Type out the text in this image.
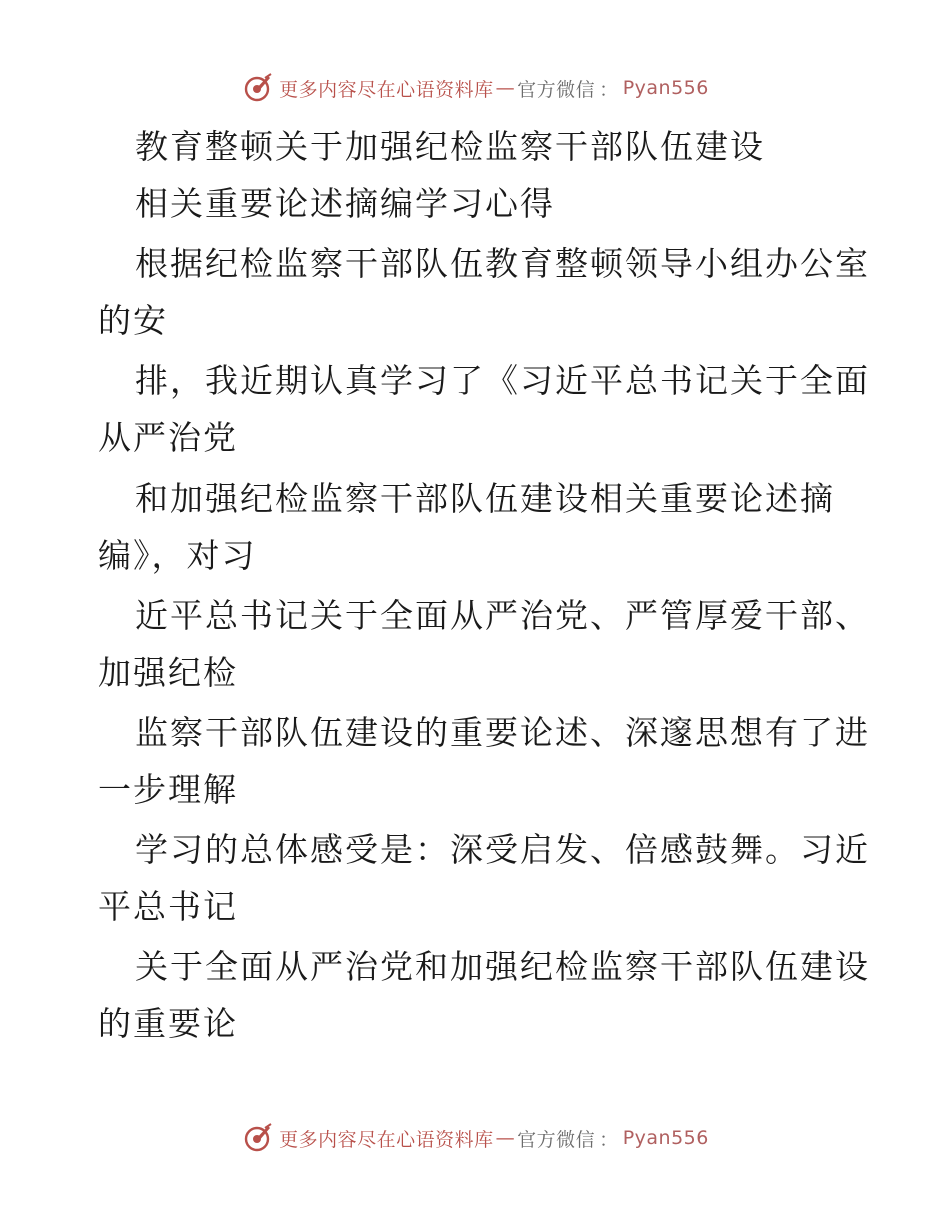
更多内容尽在心语资料库 — 官方微信 ： Pyan556
教育整顿关于加强纪检监察干部队伍建设
相关重要论述摘编学习心得
根据纪检监察干部队伍教育整顿领导小组办公室
的安
排，我近期认真学习了《习近平总书记关于全面
从严治党
和加强纪检监察干部队伍建设相关重要论述摘
编》，对习
近平总书记关于全面从严治党、严管厚爱干部、
加强纪检
监察干部队伍建设的重要论述、深邃思想有了进
一步理解
学习的总体感受是：深受启发、倍感鼓舞。习近
平总书记
关于全面从严治党和加强纪检监察干部队伍建设
的重要论
更多内容尽在心语资料库 — 官方微信 ： Pyan556
